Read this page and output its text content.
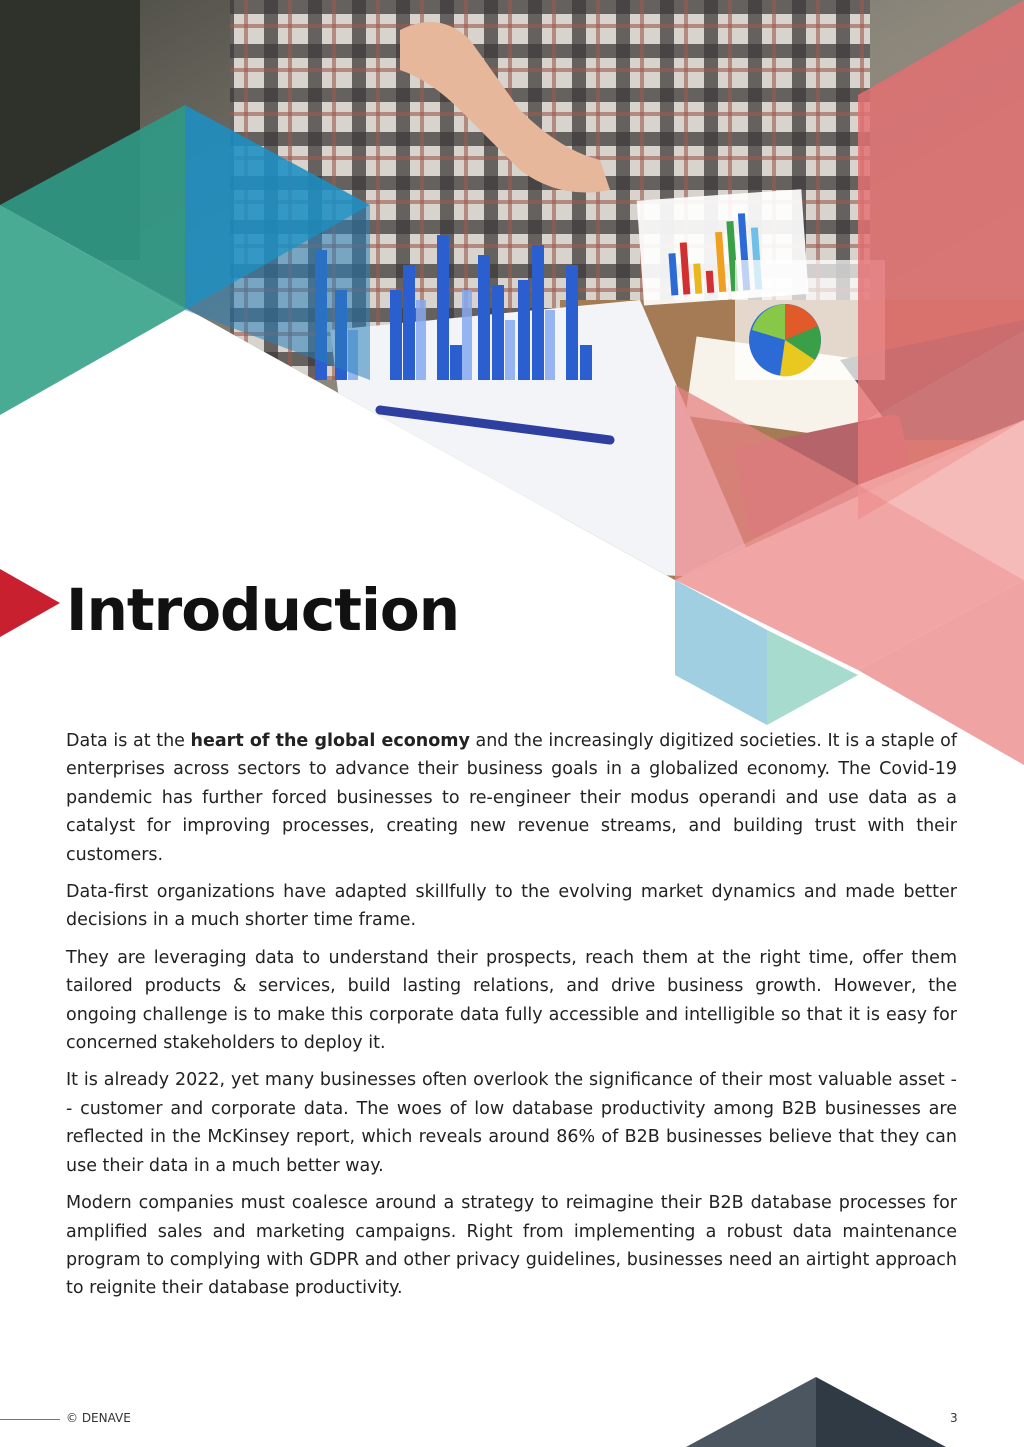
Introduction

Data is at the heart of the global economy and the increasingly digitized societies. It is a staple of enterprises across sectors to advance their business goals in a globalized economy. The Covid-19 pandemic has further forced businesses to re-engineer their modus operandi and use data as a catalyst for improving processes, creating new revenue streams, and building trust with their customers.

Data-first organizations have adapted skillfully to the evolving market dynamics and made better decisions in a much shorter time frame.

They are leveraging data to understand their prospects, reach them at the right time, offer them tailored products & services, build lasting relations, and drive business growth. However, the ongoing challenge is to make this corporate data fully accessible and intelligible so that it is easy for concerned stakeholders to deploy it.

It is already 2022, yet many businesses often overlook the significance of their most valuable asset -- customer and corporate data. The woes of low database productivity among B2B businesses are reflected in the McKinsey report, which reveals around 86% of B2B businesses believe that they can use their data in a much better way.

Modern companies must coalesce around a strategy to reimagine their B2B database processes for amplified sales and marketing campaigns. Right from implementing a robust data maintenance program to complying with GDPR and other privacy guidelines, businesses need an airtight approach to reignite their database productivity.

© DENAVE	3
